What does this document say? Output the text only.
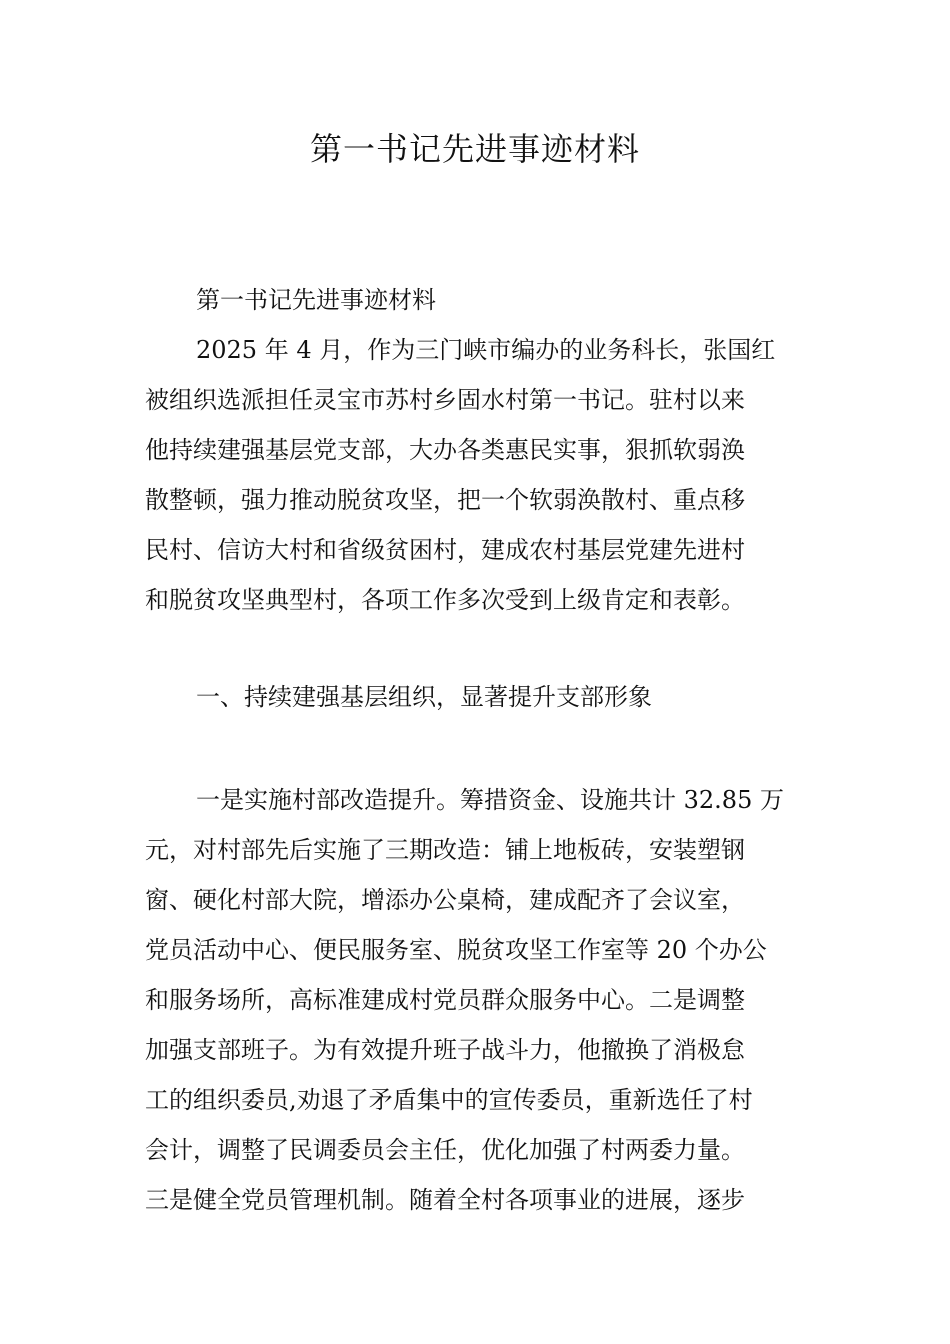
第一书记先进事迹材料

第一书记先进事迹材料

2025 年 4 月，作为三门峡市编办的业务科长，张国红

被组织选派担任灵宝市苏村乡固水村第一书记。驻村以来

他持续建强基层党支部，大办各类惠民实事，狠抓软弱涣

散整顿，强力推动脱贫攻坚，把一个软弱涣散村、重点移

民村、信访大村和省级贫困村，建成农村基层党建先进村

和脱贫攻坚典型村，各项工作多次受到上级肯定和表彰。

一、持续建强基层组织，显著提升支部形象

一是实施村部改造提升。筹措资金、设施共计 32.85 万

元，对村部先后实施了三期改造：铺上地板砖，安装塑钢

窗、硬化村部大院，增添办公桌椅，建成配齐了会议室，

党员活动中心、便民服务室、脱贫攻坚工作室等 20 个办公

和服务场所，高标准建成村党员群众服务中心。二是调整

加强支部班子。为有效提升班子战斗力，他撤换了消极怠

工的组织委员,劝退了矛盾集中的宣传委员，重新选任了村

会计，调整了民调委员会主任，优化加强了村两委力量。

三是健全党员管理机制。随着全村各项事业的进展，逐步
